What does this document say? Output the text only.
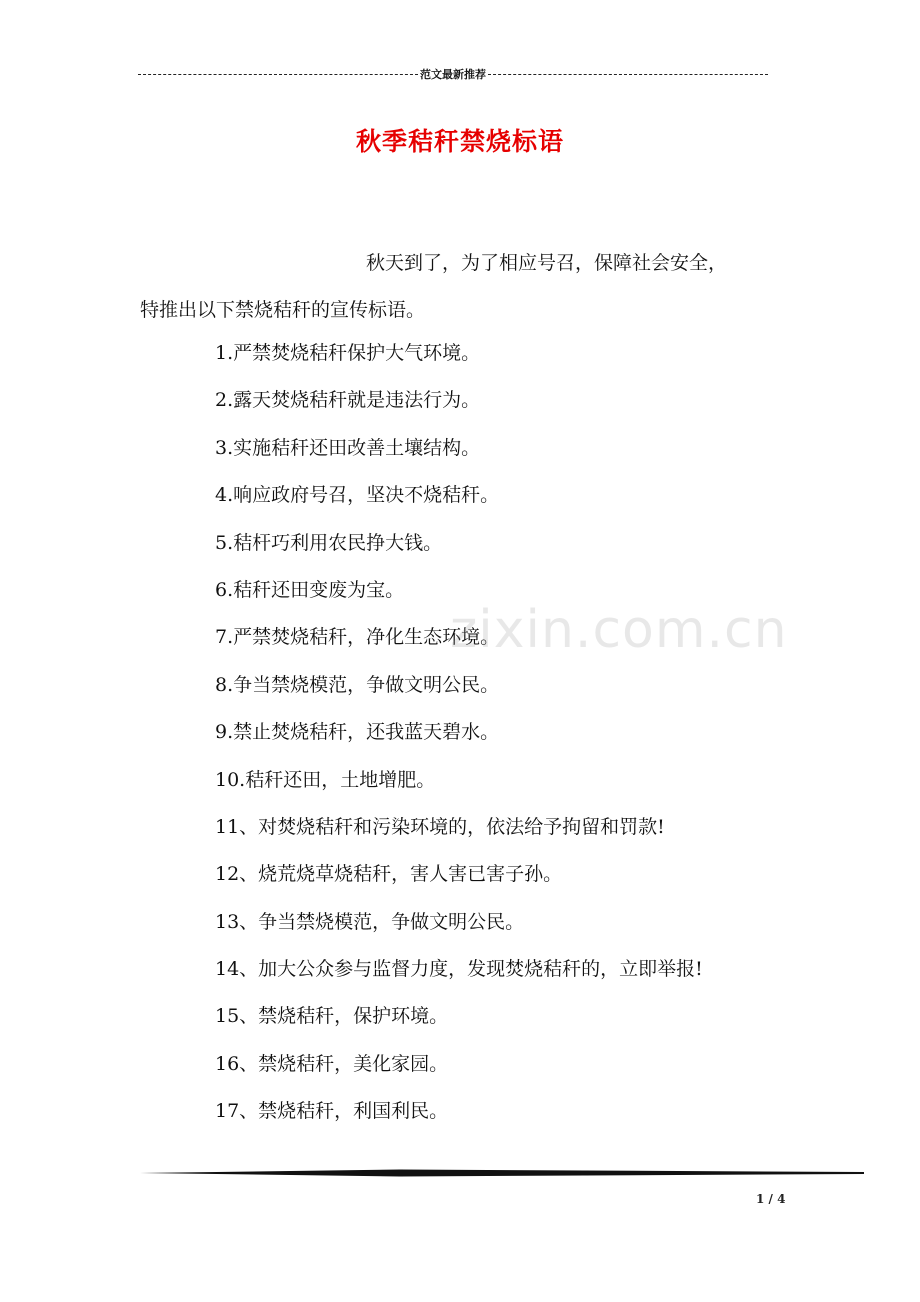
范文最新推荐
秋季秸秆禁烧标语
秋天到了，为了相应号召，保障社会安全，
特推出以下禁烧秸秆的宣传标语。
1.严禁焚烧秸秆保护大气环境。
2.露天焚烧秸秆就是违法行为。
3.实施秸秆还田改善土壤结构。
4.响应政府号召，坚决不烧秸秆。
5.秸杆巧利用农民挣大钱。
6.秸秆还田变废为宝。
7.严禁焚烧秸秆，净化生态环境。
8.争当禁烧模范，争做文明公民。
9.禁止焚烧秸秆，还我蓝天碧水。
10.秸秆还田，土地增肥。
11、对焚烧秸秆和污染环境的，依法给予拘留和罚款!
12、烧荒烧草烧秸秆，害人害已害子孙。
13、争当禁烧模范，争做文明公民。
14、加大公众参与监督力度，发现焚烧秸秆的，立即举报!
15、禁烧秸秆，保护环境。
16、禁烧秸秆，美化家园。
17、禁烧秸秆，利国利民。
zixin.com.cn
1 / 4
